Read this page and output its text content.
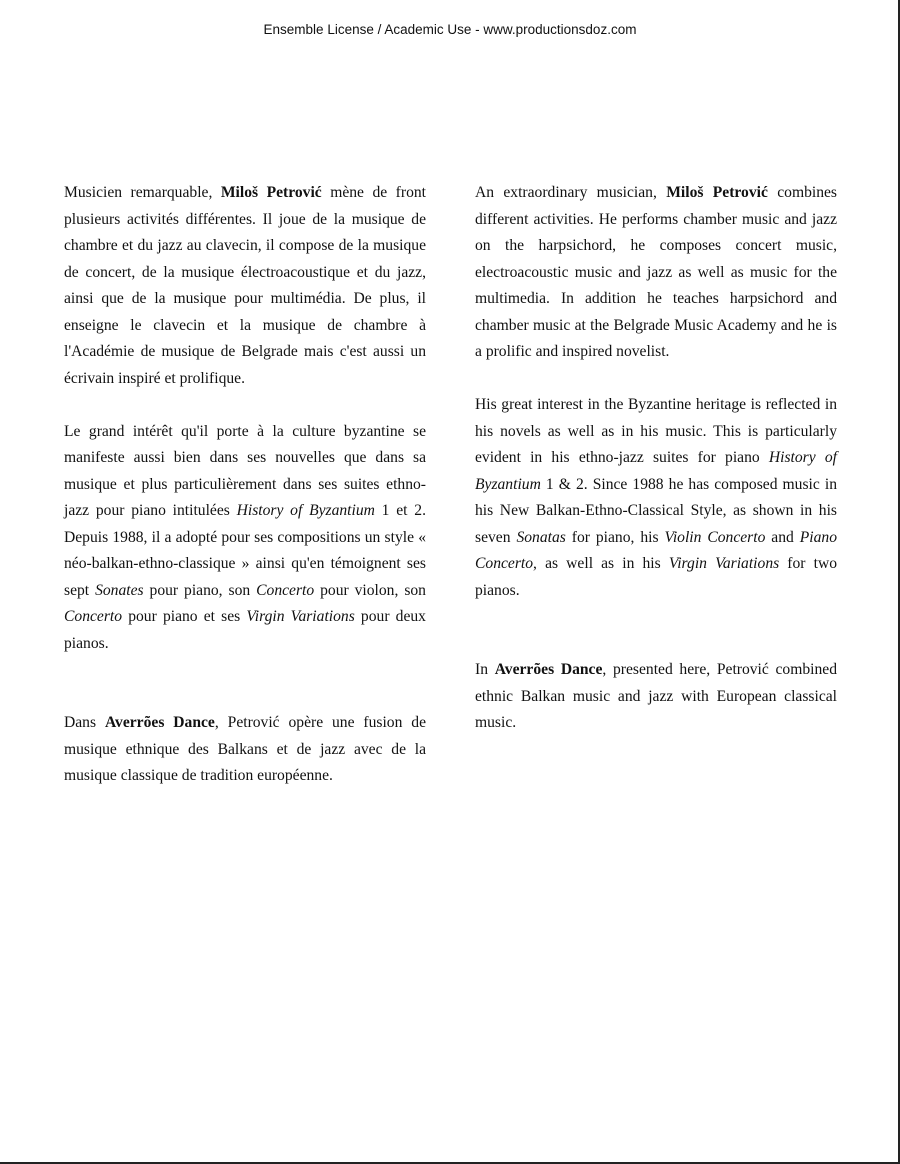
Ensemble License / Academic Use - www.productionsdoz.com

Musicien remarquable, Miloš Petrović mène de front plusieurs activités différentes. Il joue de la musique de chambre et du jazz au clavecin, il compose de la musique de concert, de la musique électroacoustique et du jazz, ainsi que de la musique pour multimédia. De plus, il enseigne le clavecin et la musique de chambre à l'Académie de musique de Belgrade mais c'est aussi un écrivain inspiré et prolifique.

Le grand intérêt qu'il porte à la culture byzantine se manifeste aussi bien dans ses nouvelles que dans sa musique et plus particulièrement dans ses suites ethno-jazz pour piano intitulées History of Byzantium 1 et 2. Depuis 1988, il a adopté pour ses compositions un style « néo-balkan-ethno-classique » ainsi qu'en témoignent ses sept Sonates pour piano, son Concerto pour violon, son Concerto pour piano et ses Virgin Variations pour deux pianos.

Dans Averrões Dance, Petrović opère une fusion de musique ethnique des Balkans et de jazz avec de la musique classique de tradition européenne.

An extraordinary musician, Miloš Petrović combines different activities. He performs chamber music and jazz on the harpsichord, he composes concert music, electroacoustic music and jazz as well as music for the multimedia. In addition he teaches harpsichord and chamber music at the Belgrade Music Academy and he is a prolific and inspired novelist.

His great interest in the Byzantine heritage is reflected in his novels as well as in his music. This is particularly evident in his ethno-jazz suites for piano History of Byzantium 1 & 2. Since 1988 he has composed music in his New Balkan-Ethno-Classical Style, as shown in his seven Sonatas for piano, his Violin Concerto and Piano Concerto, as well as in his Virgin Variations for two pianos.

In Averrões Dance, presented here, Petrović combined ethnic Balkan music and jazz with European classical music.
